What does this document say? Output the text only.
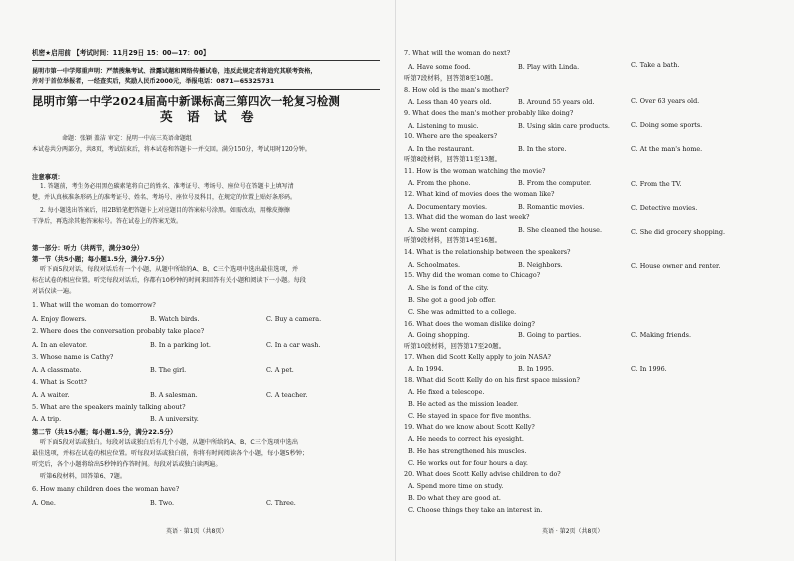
机密★启用前 【考试时间：11月29日 15：00—17：00】
昆明市第一中学郑重声明：严禁搜集考试、泄露试题和网络传播试卷，违反此规定者将追究其联考资格，
并对于首位举报者，一经查实后，奖励人民币2000元，举报电话：0871—65325731
昆明市第一中学2024届高中新课标高三第四次一轮复习检测
英 语 试 卷
命题：张颖 盖洁 审定：昆明一中高三英语命题组
本试卷共分两部分，共8页，考试结束后，将本试卷和答题卡一并交回。满分150分，考试用时120分钟。
注意事项：
1. 答题前，考生务必用黑色碳素笔将自己的姓名、准考证号、考场号、座位号在答题卡上填写清
楚，并认真核准条形码上的准考证号、姓名、考场号、座位号及科目，在规定的位置上贴好条形码。
2. 每小题选出答案后，用2B铅笔把答题卡上对应题目的答案标号涂黑。如需改动，用橡皮擦擦
干净后，再选涂其他答案标号。答在试卷上的答案无效。
第一部分：听力（共两节，满分30分）
第一节（共5小题；每小题1.5分，满分7.5分）
听下面5段对话，每段对话后有一个小题，从题中所给的A、B、C三个选项中选出最佳选项，并
标在试卷的相应位置。听完每段对话后，你都有10秒钟的时间来回答有关小题和阅读下一小题。每段
对话仅读一遍。
1. What will the woman do tomorrow?
A. Enjoy flowers.	B. Watch birds.	C. Buy a camera.
2. Where does the conversation probably take place?
A. In an elevator.	B. In a parking lot.	C. In a car wash.
3. Whose name is Cathy?
A. A classmate.	B. The girl.	C. A pet.
4. What is Scott?
A. A waiter.	B. A salesman.	C. A teacher.
5. What are the speakers mainly talking about?
A. A trip.	B. A university.
第二节（共15小题；每小题1.5分，满分22.5分）
听下面5段对话或独白。每段对话或独白后有几个小题，从题中所给的A、B、C三个选项中选出
最佳选项，并标在试卷的相应位置。听每段对话或独白前，你将有时间阅读各个小题，每小题5秒钟；
听完后，各个小题将给出5秒钟的作答时间。每段对话或独白读两遍。
听第6段材料，回答第6、7题。
6. How many children does the woman have?
A. One.	B. Two.	C. Three.
英语 · 第1页（共8页）
7. What will the woman do next?
A. Have some food.	B. Play with Linda.	C. Take a bath.
听第7段材料，回答第8至10题。
8. How old is the man's mother?
A. Less than 40 years old.	B. Around 55 years old.	C. Over 63 years old.
9. What does the man's mother probably like doing?
A. Listening to music.	B. Using skin care products.	C. Doing some sports.
10. Where are the speakers?
A. In the restaurant.	B. In the store.	C. At the man's home.
听第8段材料，回答第11至13题。
11. How is the woman watching the movie?
A. From the phone.	B. From the computer.	C. From the TV.
12. What kind of movies does the woman like?
A. Documentary movies.	B. Romantic movies.	C. Detective movies.
13. What did the woman do last week?
A. She went camping.	B. She cleaned the house.	C. She did grocery shopping.
听第9段材料，回答第14至16题。
14. What is the relationship between the speakers?
A. Schoolmates.	B. Neighbors.	C. House owner and renter.
15. Why did the woman come to Chicago?
A. She is fond of the city.
B. She got a good job offer.
C. She was admitted to a college.
16. What does the woman dislike doing?
A. Going shopping.	B. Going to parties.	C. Making friends.
听第10段材料，回答第17至20题。
17. When did Scott Kelly apply to join NASA?
A. In 1994.	B. In 1995.	C. In 1996.
18. What did Scott Kelly do on his first space mission?
A. He fixed a telescope.
B. He acted as the mission leader.
C. He stayed in space for five months.
19. What do we know about Scott Kelly?
A. He needs to correct his eyesight.
B. He has strengthened his muscles.
C. He works out for four hours a day.
20. What does Scott Kelly advise children to do?
A. Spend more time on study.
B. Do what they are good at.
C. Choose things they take an interest in.
英语 · 第2页（共8页）
